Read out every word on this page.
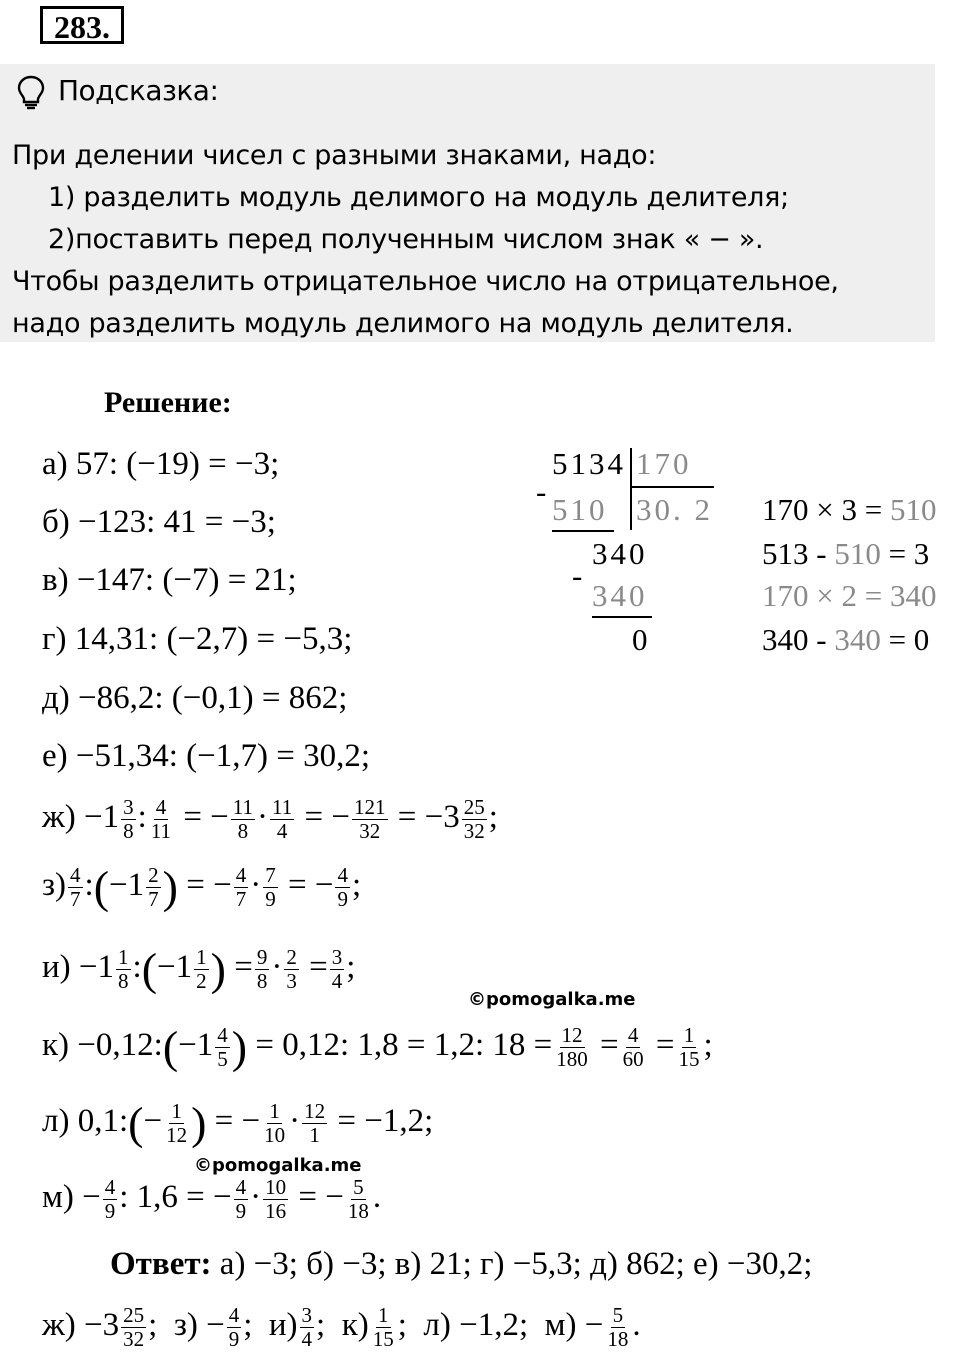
283.
Подсказка:
При делении чисел с разными знаками, надо:
1) разделить модуль делимого на модуль делителя;
2)поставить перед полученным числом знак « − ».
Чтобы разделить отрицательное число на отрицательное,
надо разделить модуль делимого на модуль делителя.
Решение:
а) 57: (−19) = −3;
б) −123: 41 = −3;
в) −147: (−7) = 21;
г) 14,31: (−2,7) = −5,3;
д) −86,2: (−0,1) = 862;
е) −51,34: (−1,7) = 30,2;
$ж) -1 \frac{3}{8}$ : $\frac{4}{11}$ = − $\frac{11}{8} \cdot \frac{11}{4}$ = − $\frac{121}{32} = -3 \frac{25}{32}$ ;
$з) \frac{4}{7}$ :(−1 $\frac{2}{7}$ ) = − $\frac{4}{7} \cdot \frac{7}{9}$ = − $\frac{4}{9}$ ;
$и) -1 \frac{1}{8}$ :(−1 $\frac{1}{2}$ ) = $\frac{9}{8} \cdot \frac{2}{3} = \frac{3}{4}$ ;
©pomogalka.me
к) −0,12:(−1 $\frac{4}{5}$ ) = 0,12: 1,8 = 1,2: $18 = \frac{12}{180} = \frac{4}{60} = \frac{1}{15}$ ;
л) 0,1:(− $\frac{1}{12}$ ) = − $\frac{1}{10} \cdot \frac{12}{1} = -1,2$;
©pomogalka.me
$м) - \frac{4}{9}$ : 1,6 = − $\frac{4}{9} \cdot \frac{10}{16}$ = − $\frac{5}{18}$ .
5134 170
-
510 30. 2
340
-
340
0
170 × 3 = 510
513 - 510 = 3
170 × 2 = 340
340 - 340 = 0
Ответ: а) −3; б) −3; в) 21; г) −5,3; д) 862; е) −30,2;
$ж) -3 \frac{25}{32}$ ; $з) - \frac{4}{9}$ ; $и) \frac{3}{4}$ ; $к) \frac{1}{15}$ ; л) −1,2; $м) - \frac{5}{18}$ .
